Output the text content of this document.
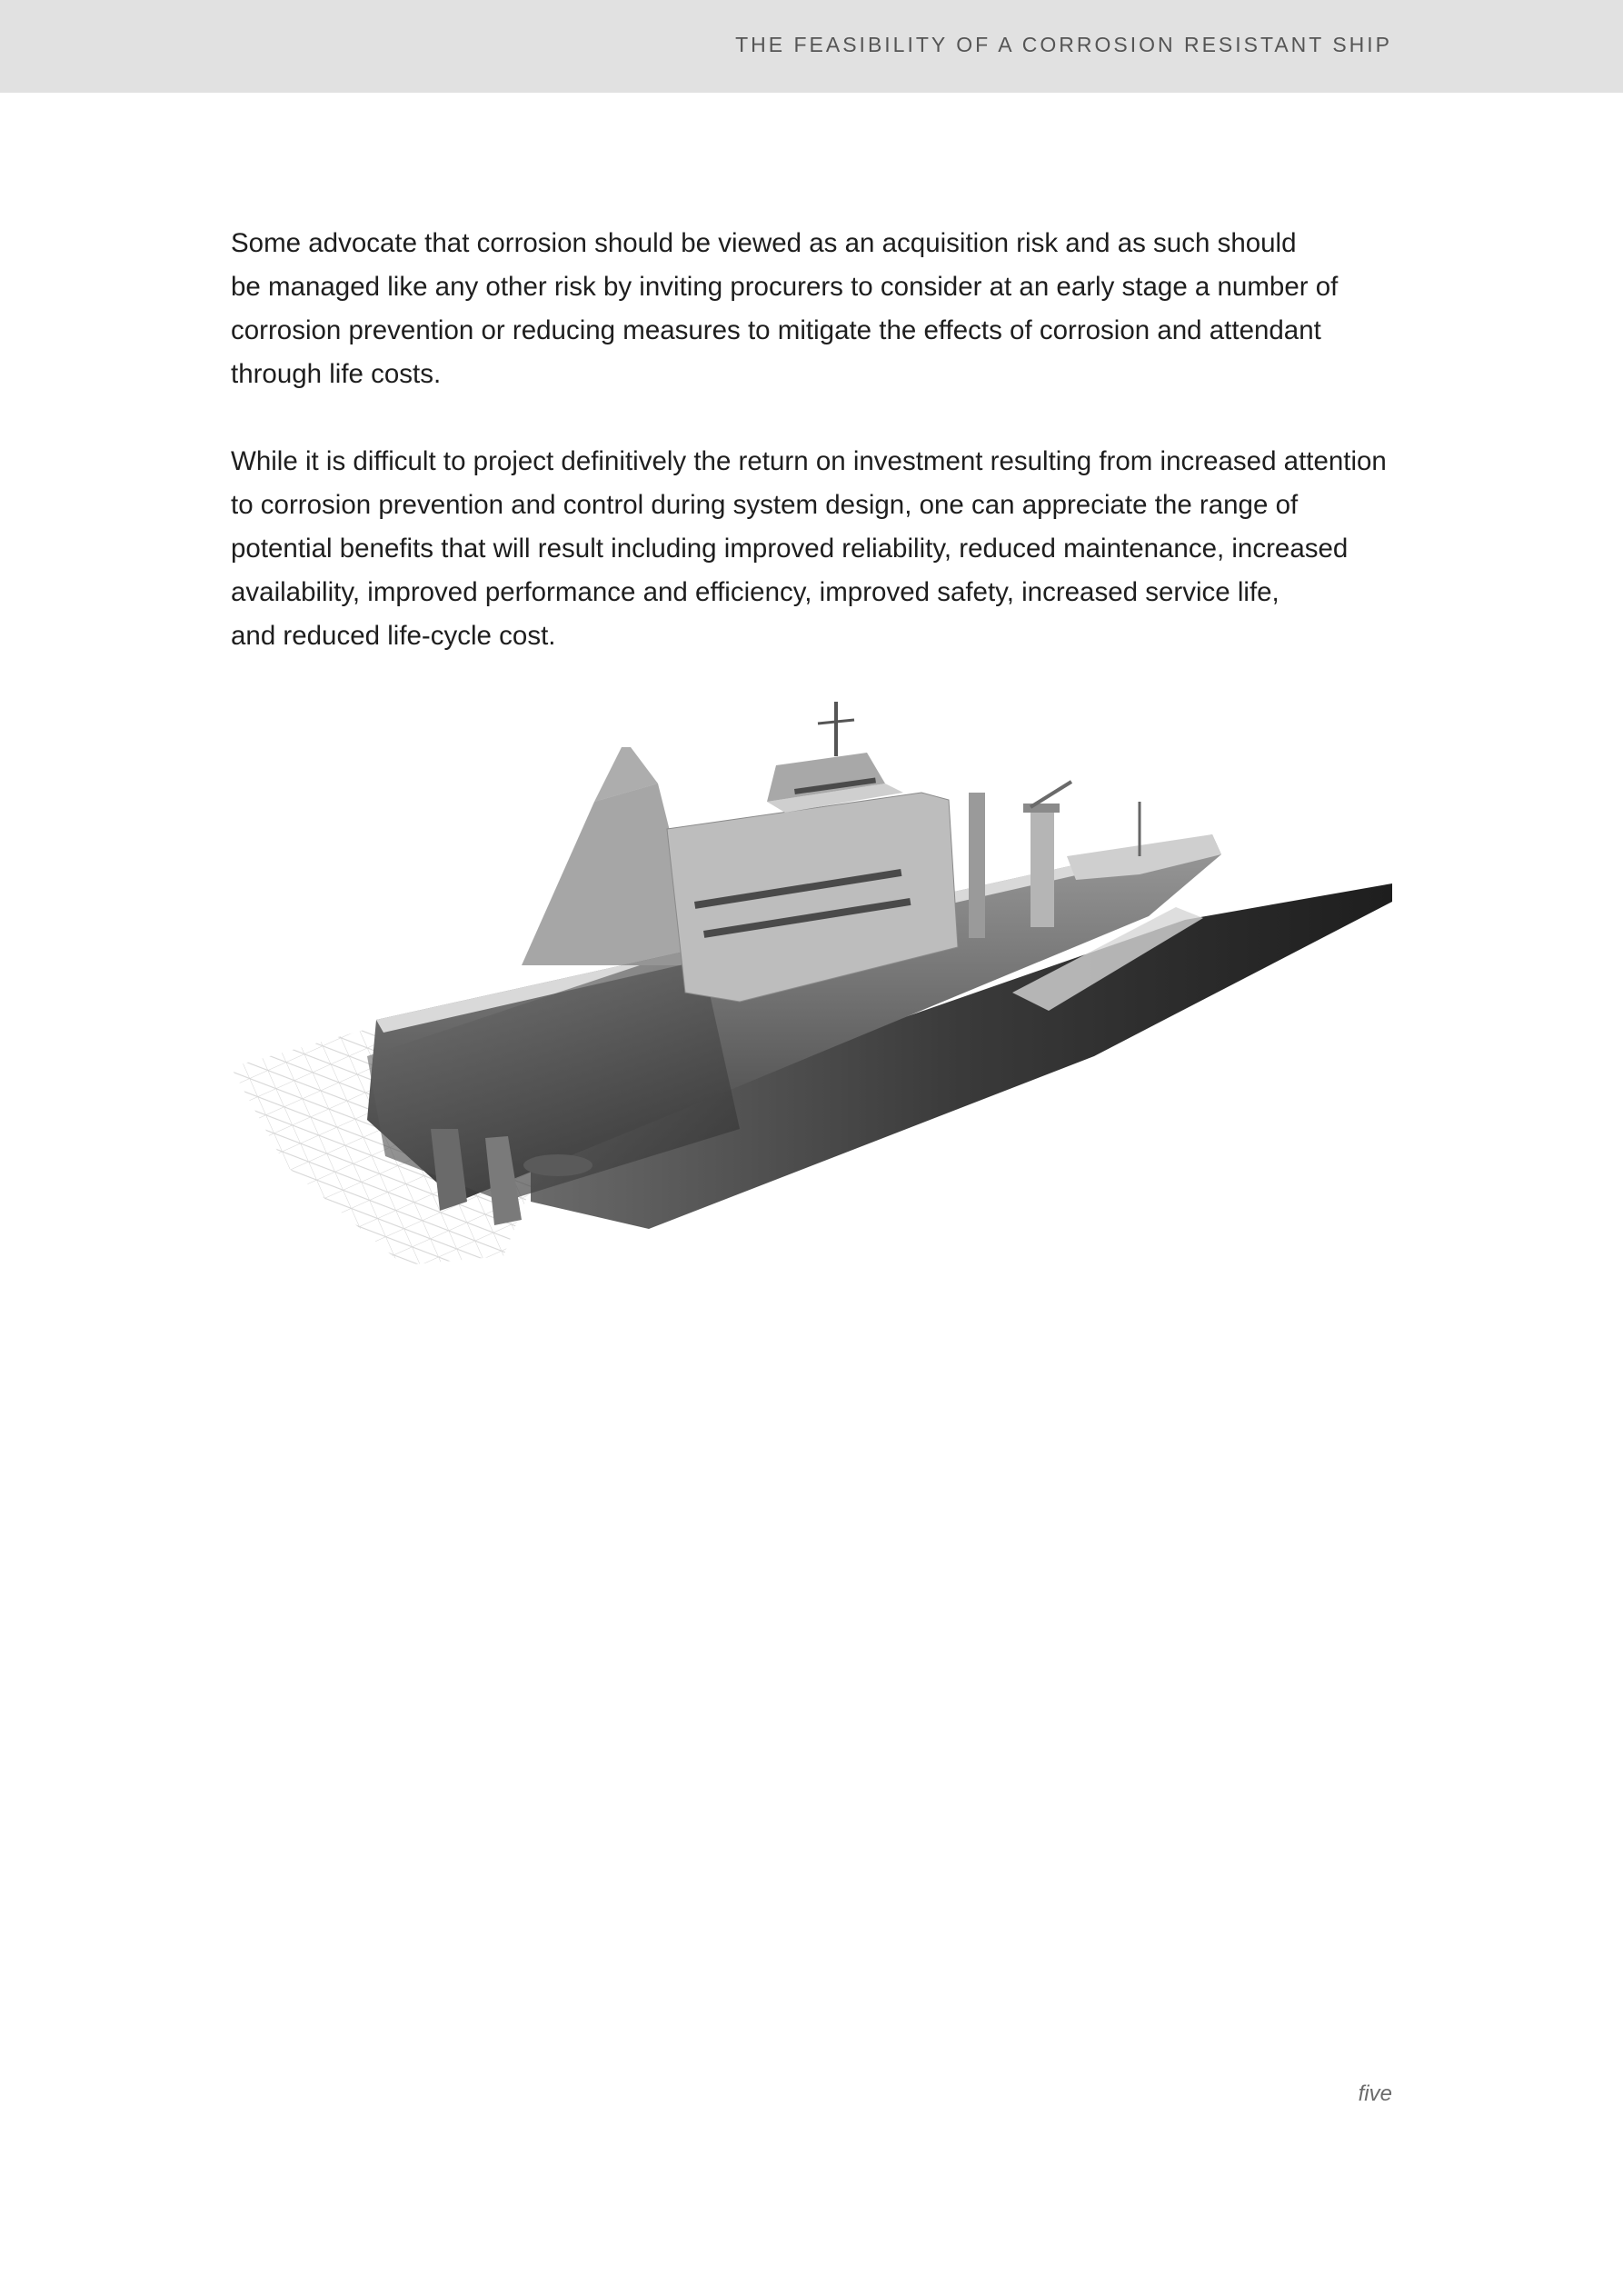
THE FEASIBILITY OF A CORROSION RESISTANT SHIP

Some advocate that corrosion should be viewed as an acquisition risk and as such should
be managed like any other risk by inviting procurers to consider at an early stage a number of
corrosion prevention or reducing measures to mitigate the effects of corrosion and attendant
through life costs.

While it is difficult to project definitively the return on investment resulting from increased attention
to corrosion prevention and control during system design, one can appreciate the range of
potential benefits that will result including improved reliability, reduced maintenance, increased
availability, improved performance and efficiency, improved safety, increased service life,
and reduced life-cycle cost.

five
